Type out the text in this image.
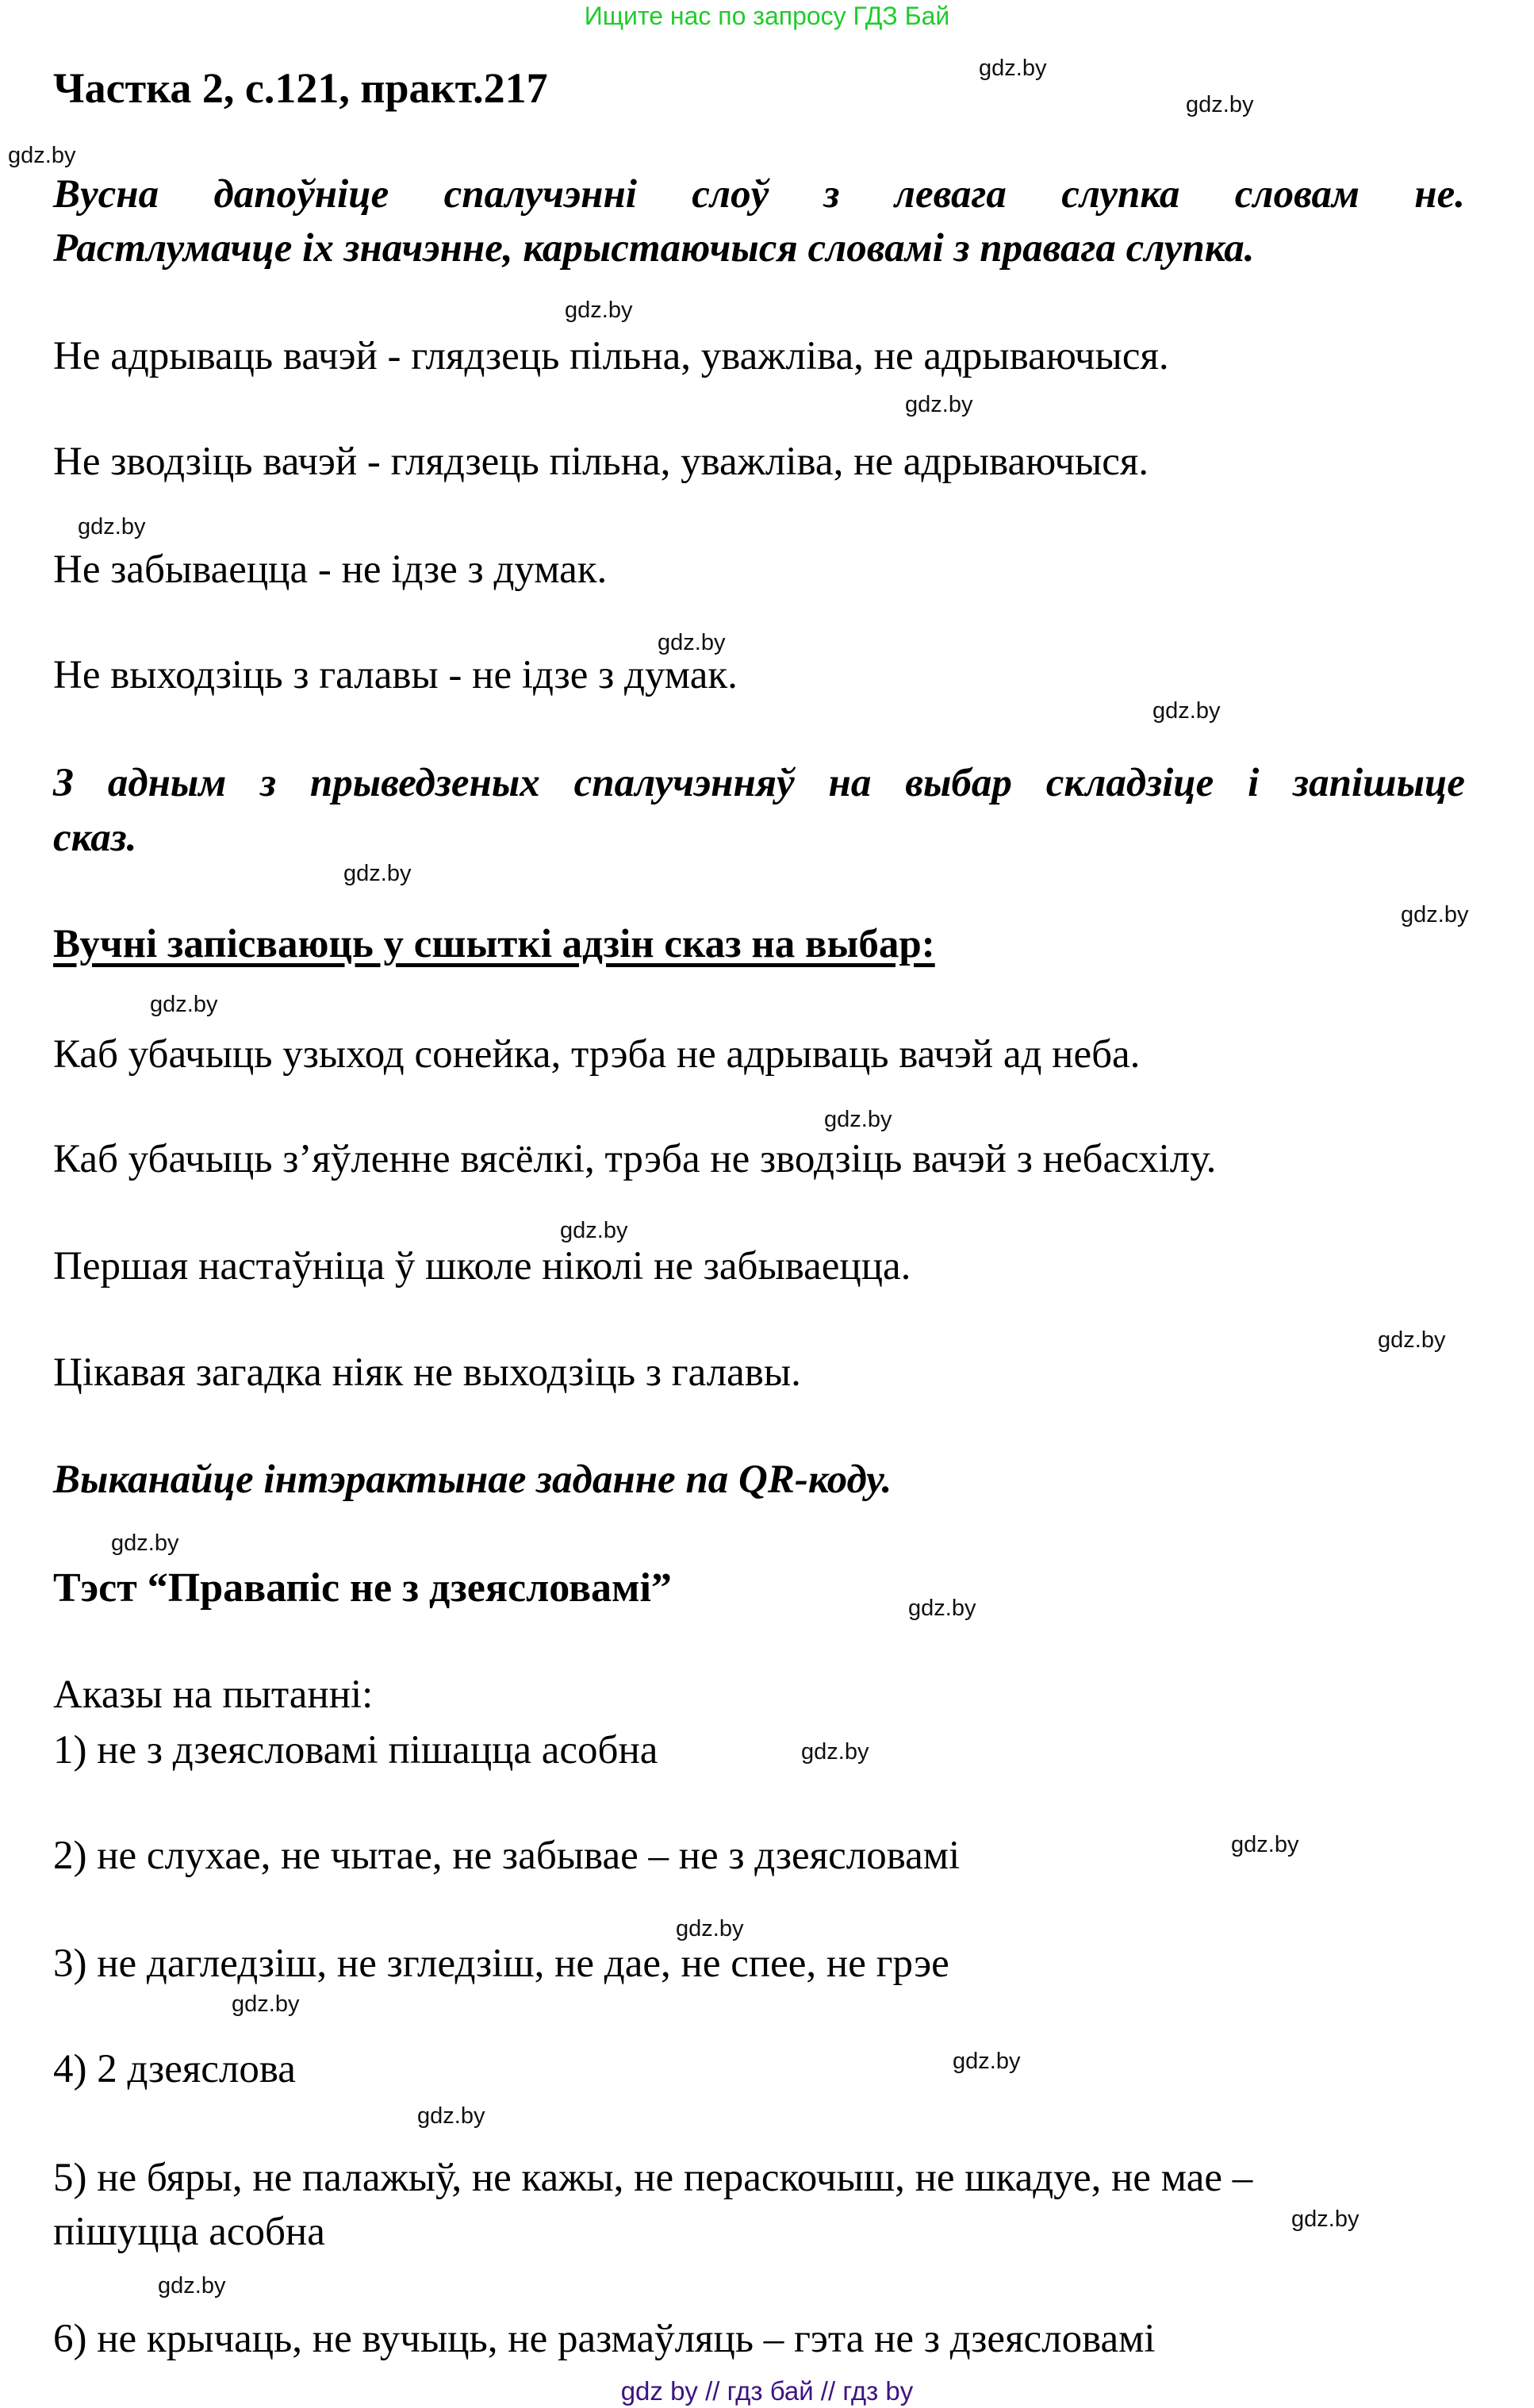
Ищите нас по запросу ГДЗ Бай
Частка 2, с.121, практ.217	gdz.by
gdz.by
gdz.by
Вусна дапоўніце спалучэнні слоў з левага слупка словам не.
Растлумачце іх значэнне, карыстаючыся словамі з правага слупка.
gdz.by
Не адрываць вачэй - глядзець пільна, уважліва, не адрываючыся.
gdz.by
Не зводзіць вачэй - глядзець пільна, уважліва, не адрываючыся.
gdz.by
Не забываецца - не ідзе з думак.
gdz.by
Не выходзіць з галавы - не ідзе з думак.
gdz.by
З адным з прыведзеных спалучэнняў на выбар складзіце і запішыце
сказ.
gdz.by
gdz.by
Вучні запісваюць у сшыткі адзін сказ на выбар:
gdz.by
Каб убачыць узыход сонейка, трэба не адрываць вачэй ад неба.
gdz.by
Каб убачыць з’яўленне вясёлкі, трэба не зводзіць вачэй з небасхілу.
gdz.by
Першая настаўніца ў школе ніколі не забываецца.
gdz.by
Цікавая загадка ніяк не выходзіць з галавы.
Выканайце інтэрактынае заданне па QR-коду.
gdz.by
Тэст “Правапіс не з дзеясловамі”	gdz.by
Аказы на пытанні:
1) не з дзеясловамі пішацца асобна	gdz.by
gdz.by
2) не слухае, не чытае, не забывае – не з дзеясловамі
gdz.by
3) не дагледзіш, не згледзіш, не дае, не спее, не грэе
gdz.by
4) 2 дзеяслова	gdz.by
gdz.by
5) не бяры, не палажыў, не кажы, не пераскочыш, не шкадуе, не мае –
пішуцца асобна	gdz.by
gdz.by
6) не крычаць, не вучыць, не размаўляць – гэта не з дзеясловамі
gdz by // гдз бай // гдз by
